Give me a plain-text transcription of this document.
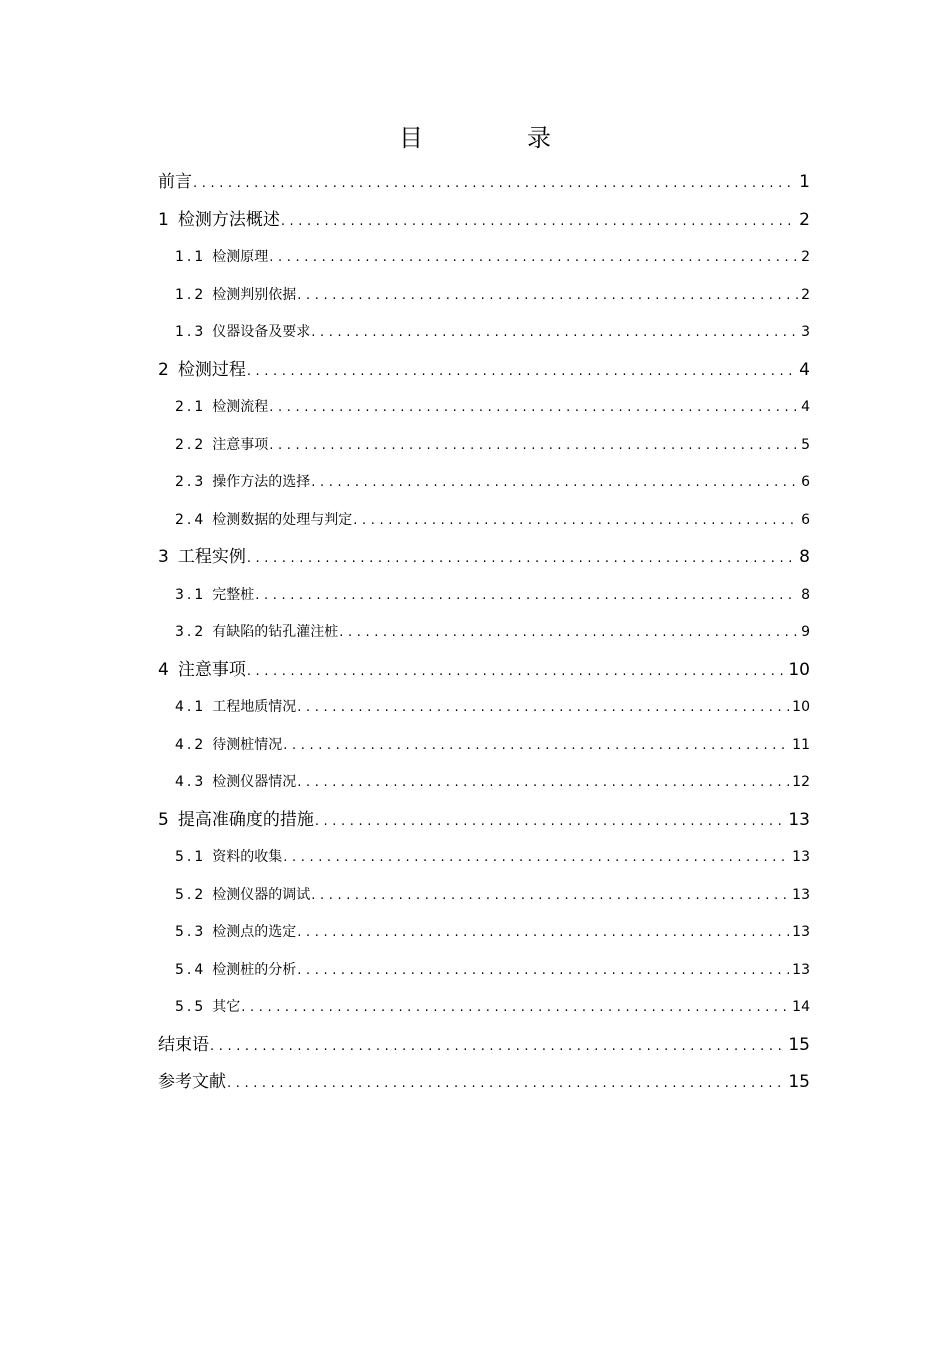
目　录
前言 .....	1
1 检测方法概述 .....	2
1.1 检测原理 .....	2
1.2 检测判别依据 .....	2
1.3 仪器设备及要求 .....	3
2 检测过程 .....	4
2.1 检测流程 .....	4
2.2 注意事项 .....	5
2.3 操作方法的选择 .....	6
2.4 检测数据的处理与判定 .....	6
3 工程实例 .....	8
3.1 完整桩 .....	8
3.2 有缺陷的钻孔灌注桩 .....	9
4 注意事项 .....	10
4.1 工程地质情况 .....	10
4.2 待测桩情况 .....	11
4.3 检测仪器情况 .....	12
5 提高准确度的措施 .....	13
5.1 资料的收集 .....	13
5.2 检测仪器的调试 .....	13
5.3 检测点的选定 .....	13
5.4 检测桩的分析 .....	13
5.5 其它 .....	14
结束语 .....	15
参考文献 .....	15
